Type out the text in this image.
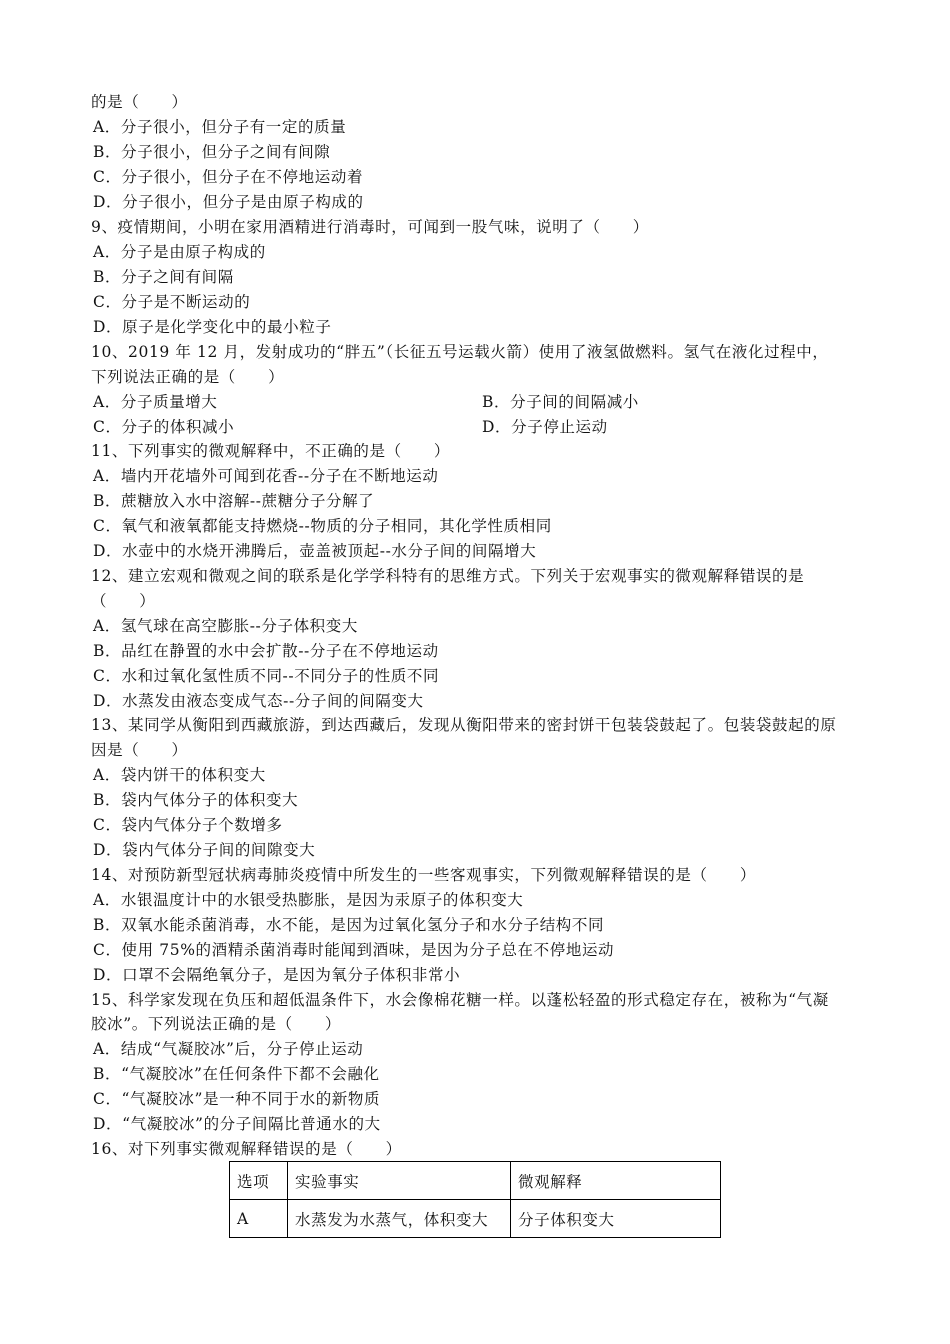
的是（　　）
A．分子很小，但分子有一定的质量
B．分子很小，但分子之间有间隙
C．分子很小，但分子在不停地运动着
D．分子很小，但分子是由原子构成的
9、疫情期间，小明在家用酒精进行消毒时，可闻到一股气味，说明了（　　）
A．分子是由原子构成的
B．分子之间有间隔
C．分子是不断运动的
D．原子是化学变化中的最小粒子
10、2019 年 12 月，发射成功的“胖五”（长征五号运载火箭）使用了液氢做燃料。氢气在液化过程中，
下列说法正确的是（　　）
A．分子质量增大	B．分子间的间隔减小
C．分子的体积减小	D．分子停止运动
11、下列事实的微观解释中，不正确的是（　　）
A．墙内开花墙外可闻到花香--分子在不断地运动
B．蔗糖放入水中溶解--蔗糖分子分解了
C．氧气和液氧都能支持燃烧--物质的分子相同，其化学性质相同
D．水壶中的水烧开沸腾后，壶盖被顶起--水分子间的间隔增大
12、建立宏观和微观之间的联系是化学学科特有的思维方式。下列关于宏观事实的微观解释错误的是
（　　）
A．氢气球在高空膨胀--分子体积变大
B．品红在静置的水中会扩散--分子在不停地运动
C．水和过氧化氢性质不同--不同分子的性质不同
D．水蒸发由液态变成气态--分子间的间隔变大
13、某同学从衡阳到西藏旅游，到达西藏后，发现从衡阳带来的密封饼干包装袋鼓起了。包装袋鼓起的原
因是（　　）
A．袋内饼干的体积变大
B．袋内气体分子的体积变大
C．袋内气体分子个数增多
D．袋内气体分子间的间隙变大
14、对预防新型冠状病毒肺炎疫情中所发生的一些客观事实，下列微观解释错误的是（　　）
A．水银温度计中的水银受热膨胀，是因为汞原子的体积变大
B．双氧水能杀菌消毒，水不能，是因为过氧化氢分子和水分子结构不同
C．使用 75%的酒精杀菌消毒时能闻到酒味，是因为分子总在不停地运动
D．口罩不会隔绝氧分子，是因为氧分子体积非常小
15、科学家发现在负压和超低温条件下，水会像棉花糖一样。以蓬松轻盈的形式稳定存在，被称为“气凝
胶冰”。下列说法正确的是（　　）
A．结成“气凝胶冰”后，分子停止运动
B．“气凝胶冰”在任何条件下都不会融化
C．“气凝胶冰”是一种不同于水的新物质
D．“气凝胶冰”的分子间隔比普通水的大
16、对下列事实微观解释错误的是（　　）
选项	实验事实	微观解释
A	水蒸发为水蒸气，体积变大	分子体积变大
